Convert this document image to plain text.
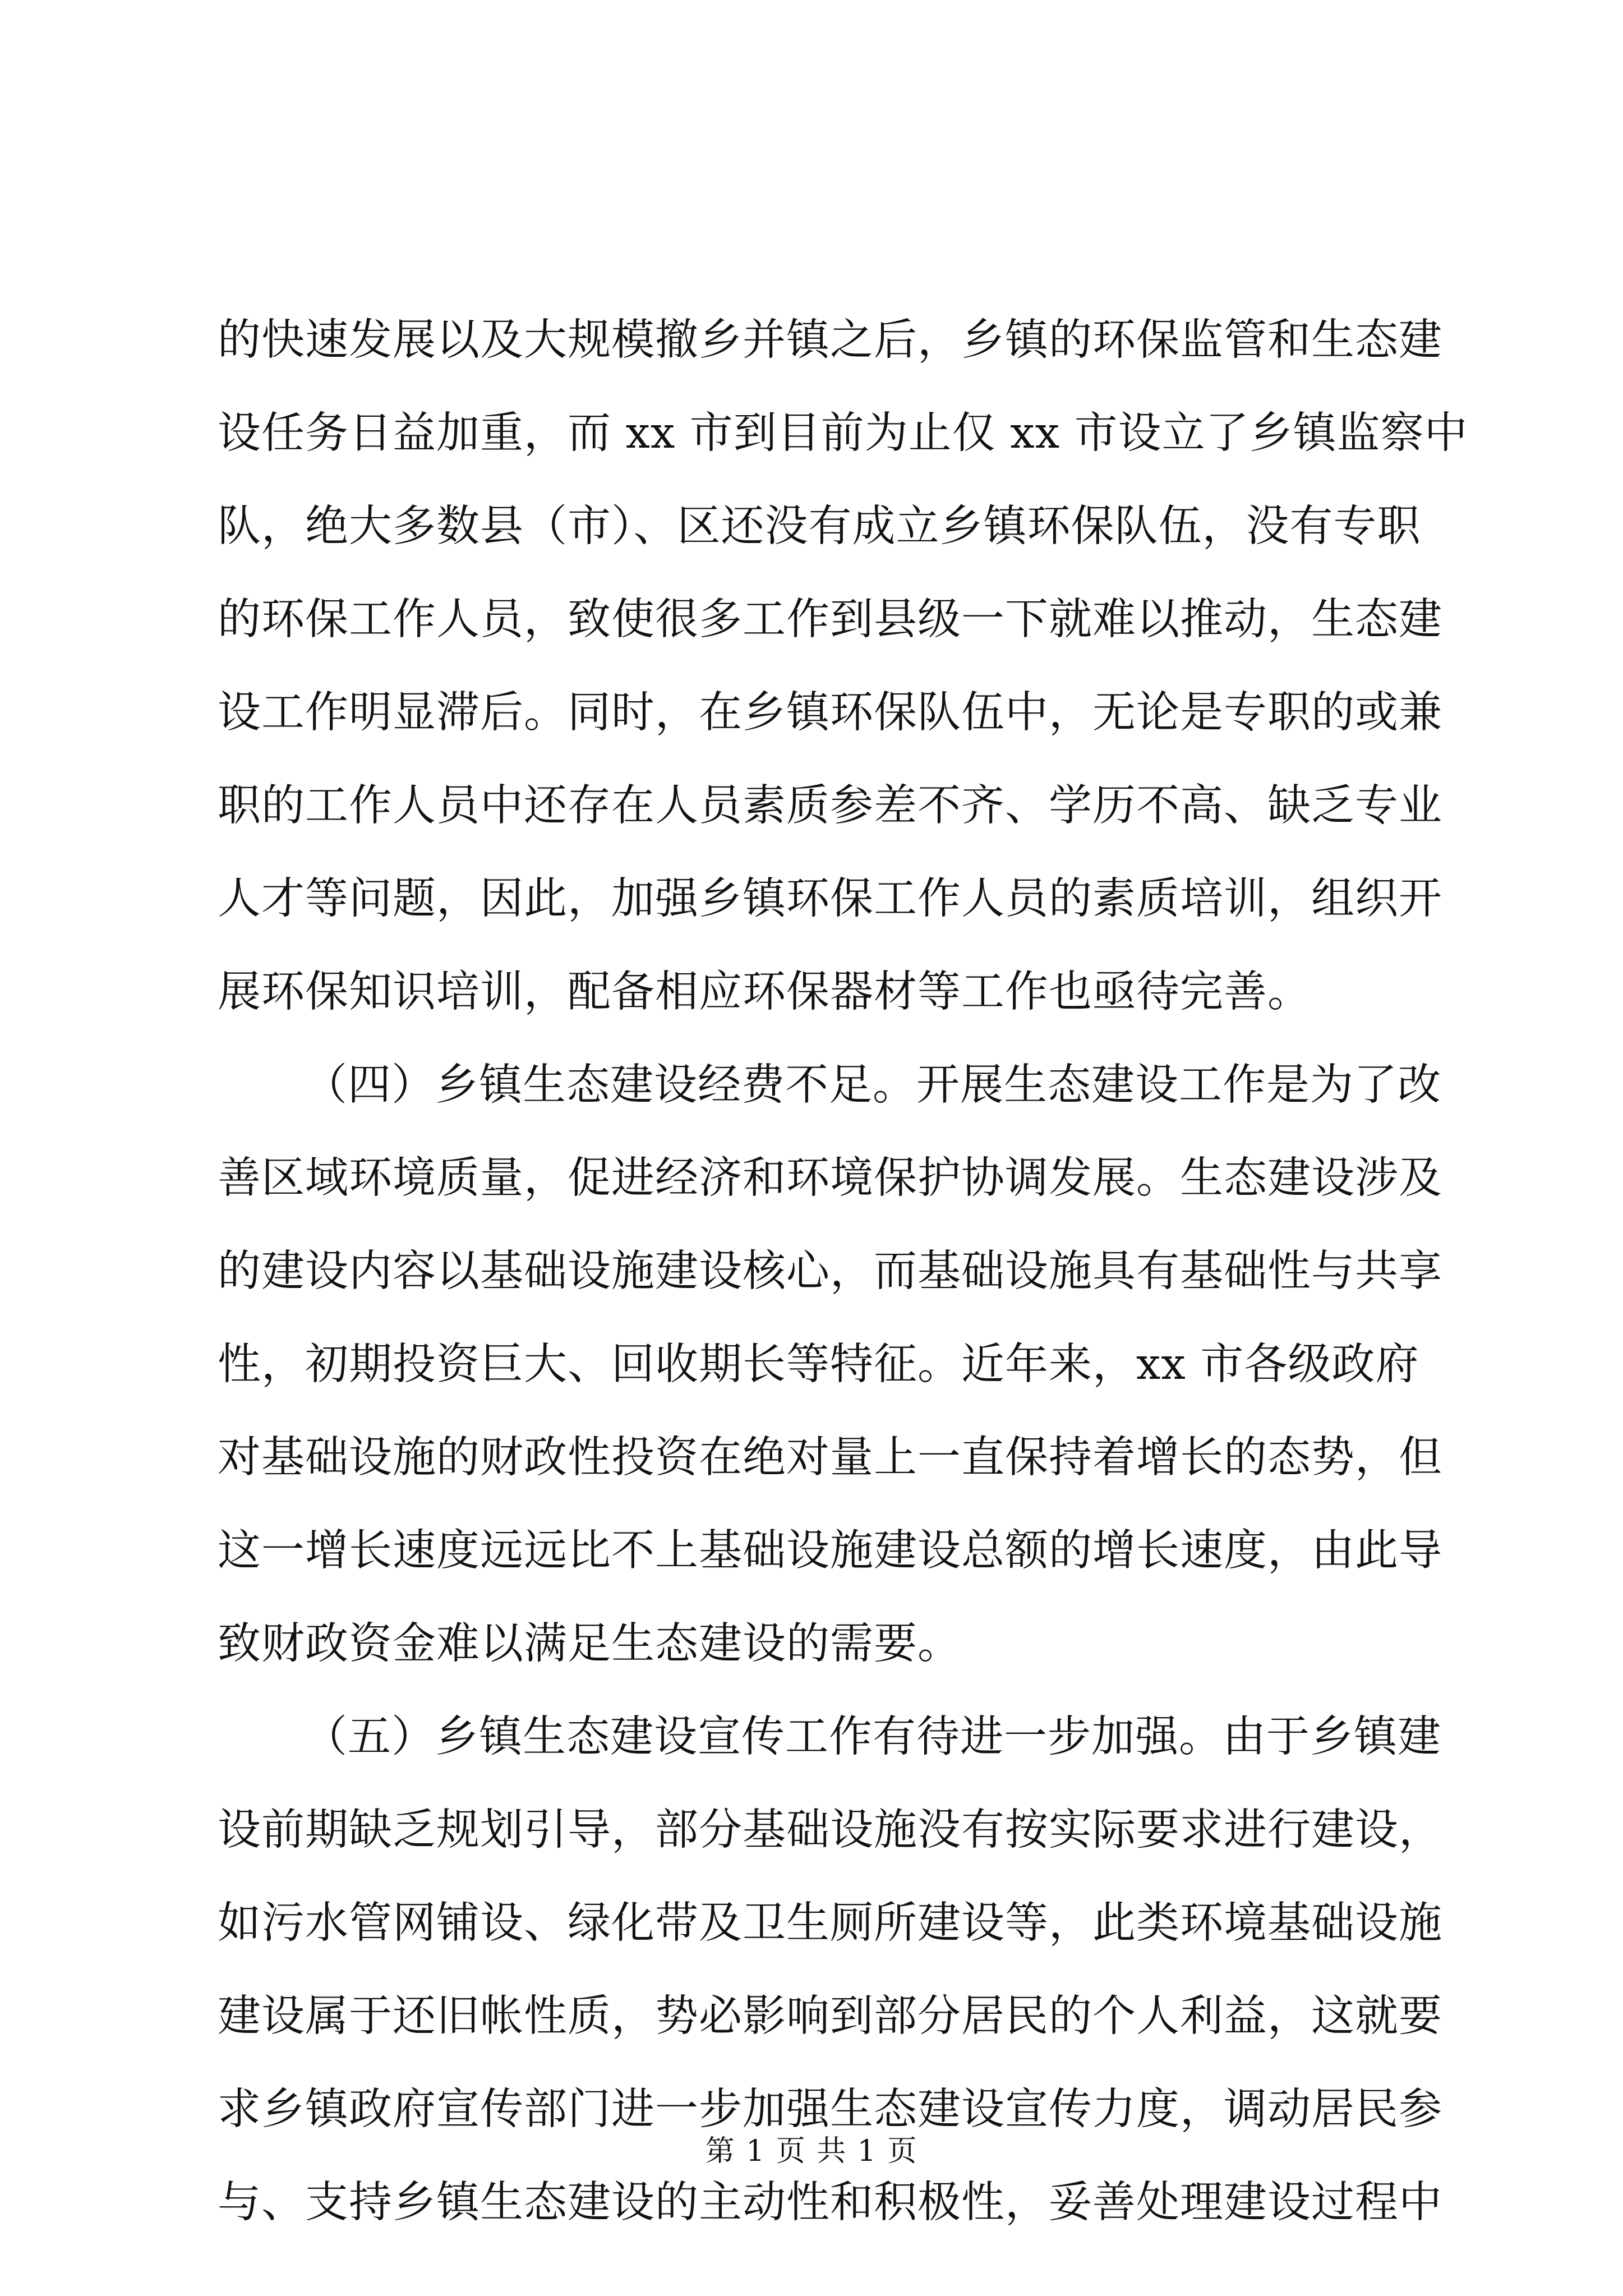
的快速发展以及大规模撤乡并镇之后，乡镇的环保监管和生态建
设任务日益加重，而 xx 市到目前为止仅 xx 市设立了乡镇监察中
队，绝大多数县（市）、区还没有成立乡镇环保队伍，没有专职
的环保工作人员，致使很多工作到县级一下就难以推动，生态建
设工作明显滞后。同时，在乡镇环保队伍中，无论是专职的或兼
职的工作人员中还存在人员素质参差不齐、学历不高、缺乏专业
人才等问题，因此，加强乡镇环保工作人员的素质培训，组织开
展环保知识培训，配备相应环保器材等工作也亟待完善。
（四）乡镇生态建设经费不足。开展生态建设工作是为了改
善区域环境质量，促进经济和环境保护协调发展。生态建设涉及
的建设内容以基础设施建设核心，而基础设施具有基础性与共享
性，初期投资巨大、回收期长等特征。近年来，xx 市各级政府
对基础设施的财政性投资在绝对量上一直保持着增长的态势，但
这一增长速度远远比不上基础设施建设总额的增长速度，由此导
致财政资金难以满足生态建设的需要。
（五）乡镇生态建设宣传工作有待进一步加强。由于乡镇建
设前期缺乏规划引导，部分基础设施没有按实际要求进行建设，
如污水管网铺设、绿化带及卫生厕所建设等，此类环境基础设施
建设属于还旧帐性质，势必影响到部分居民的个人利益，这就要
求乡镇政府宣传部门进一步加强生态建设宣传力度，调动居民参
与、支持乡镇生态建设的主动性和积极性，妥善处理建设过程中
第 1 页 共 1 页
